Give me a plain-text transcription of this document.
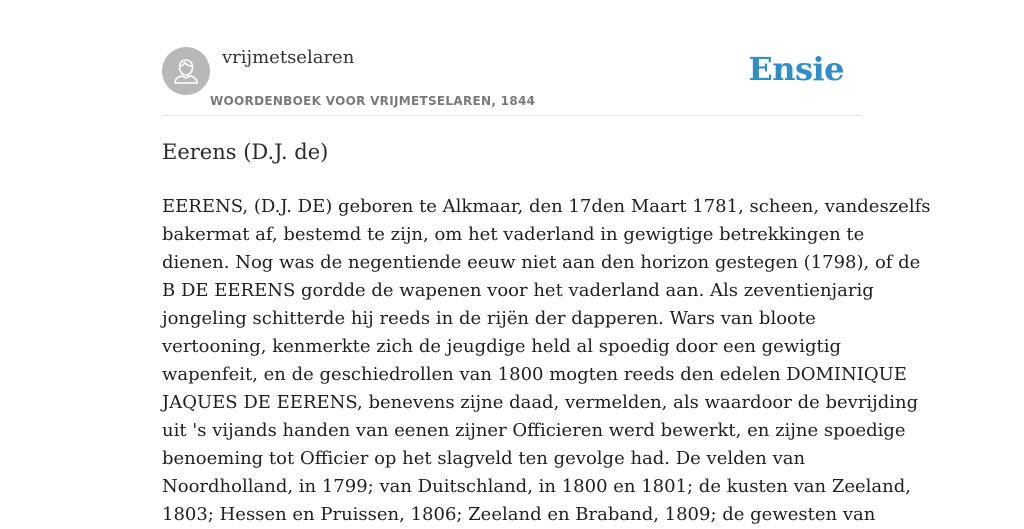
vrijmetselaren
WOORDENBOEK VOOR VRIJMETSELAREN, 1844
Ensie
Eerens (D.J. de)
EERENS, (D.J. DE) geboren te Alkmaar, den 17den Maart 1781, scheen, vandeszelfs
bakermat af, bestemd te zijn, om het vaderland in gewigtige betrekkingen te
dienen. Nog was de negentiende eeuw niet aan den horizon gestegen (1798), of de
B DE EERENS gordde de wapenen voor het vaderland aan. Als zeventienjarig
jongeling schitterde hij reeds in de rijën der dapperen. Wars van bloote
vertooning, kenmerkte zich de jeugdige held al spoedig door een gewigtig
wapenfeit, en de geschiedrollen van 1800 mogten reeds den edelen DOMINIQUE
JAQUES DE EERENS, benevens zijne daad, vermelden, als waardoor de bevrijding
uit 's vijands handen van eenen zijner Officieren werd bewerkt, en zijne spoedige
benoeming tot Officier op het slagveld ten gevolge had. De velden van
Noordholland, in 1799; van Duitschland, in 1800 en 1801; de kusten van Zeeland,
1803; Hessen en Pruissen, 1806; Zeeland en Braband, 1809; de gewesten van
